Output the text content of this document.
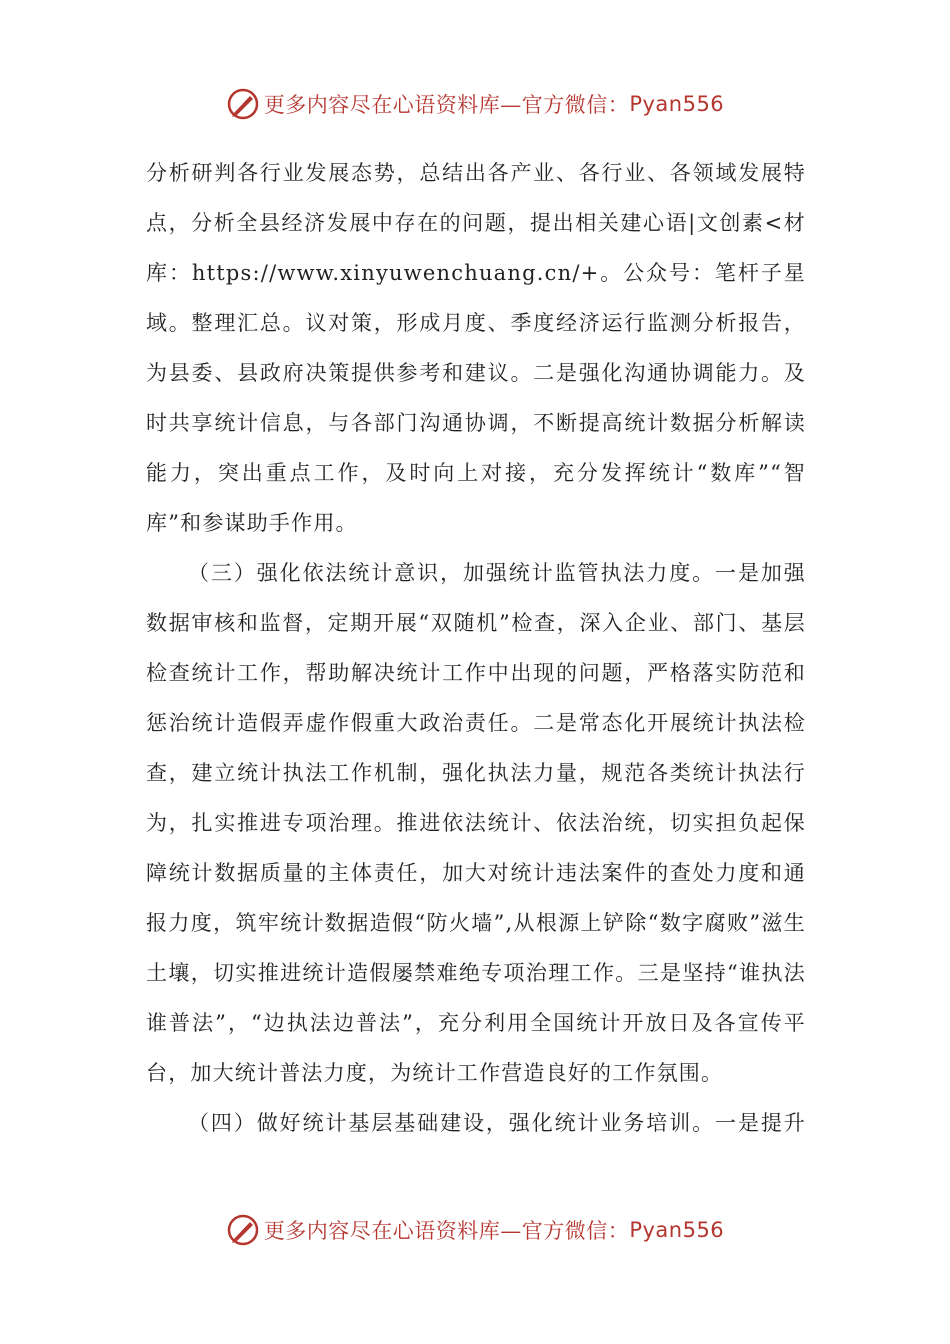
更多内容尽在心语资料库—官方微信： Pyan556

分析研判各行业发展态势，总结出各产业、各行业、各领域发展特点，分析全县经济发展中存在的问题，提出相关建心语|文创素<材库：https://www.xinyuwenchuang.cn/+。公众号：笔杆子星域。整理汇总。议对策，形成月度、季度经济运行监测分析报告，为县委、县政府决策提供参考和建议。二是强化沟通协调能力。及时共享统计信息，与各部门沟通协调，不断提高统计数据分析解读能力，突出重点工作，及时向上对接，充分发挥统计“数库”“智库”和参谋助手作用。

（三）强化依法统计意识，加强统计监管执法力度。一是加强数据审核和监督，定期开展“双随机”检查，深入企业、部门、基层检查统计工作，帮助解决统计工作中出现的问题，严格落实防范和惩治统计造假弄虚作假重大政治责任。二是常态化开展统计执法检查，建立统计执法工作机制，强化执法力量，规范各类统计执法行为，扎实推进专项治理。推进依法统计、依法治统，切实担负起保障统计数据质量的主体责任，加大对统计违法案件的查处力度和通报力度，筑牢统计数据造假“防火墙”,从根源上铲除“数字腐败”滋生土壤，切实推进统计造假屡禁难绝专项治理工作。三是坚持“谁执法谁普法”，“边执法边普法”，充分利用全国统计开放日及各宣传平台，加大统计普法力度，为统计工作营造良好的工作氛围。

（四）做好统计基层基础建设，强化统计业务培训。一是提升

更多内容尽在心语资料库—官方微信： Pyan556
